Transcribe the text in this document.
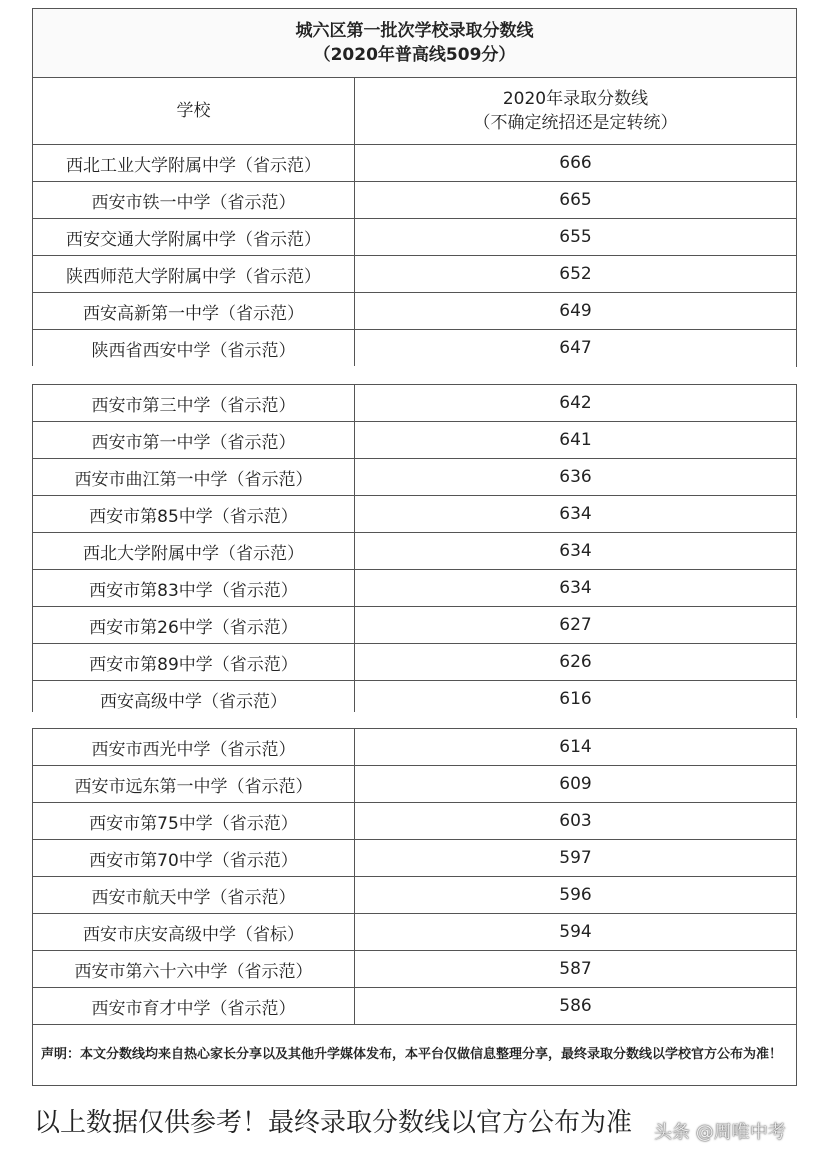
城六区第一批次学校录取分数线
（2020年普高线509分）	

学校	2020年录取分数线
（不确定统招还是定转统）

西北工业大学附属中学（省示范）	666
西安市铁一中学（省示范）	665
西安交通大学附属中学（省示范）	655
陕西师范大学附属中学（省示范）	652
西安高新第一中学（省示范）	649
陕西省西安中学（省示范）	647
西安市第三中学（省示范）	642
西安市第一中学（省示范）	641
西安市曲江第一中学（省示范）	636
西安市第85中学（省示范）	634
西北大学附属中学（省示范）	634
西安市第83中学（省示范）	634
西安市第26中学（省示范）	627
西安市第89中学（省示范）	626
西安高级中学（省示范）	616
西安市西光中学（省示范）	614
西安市远东第一中学（省示范）	609
西安市第75中学（省示范）	603
西安市第70中学（省示范）	597
西安市航天中学（省示范）	596
西安市庆安高级中学（省标）	594
西安市第六十六中学（省示范）	587
西安市育才中学（省示范）	586
声明：本文分数线均来自热心家长分享以及其他升学媒体发布，本平台仅做信息整理分享，最终录取分数线以学校官方公布为准！	
以上数据仅供参考！最终录取分数线以官方公布为准 头条 @周唯中考
